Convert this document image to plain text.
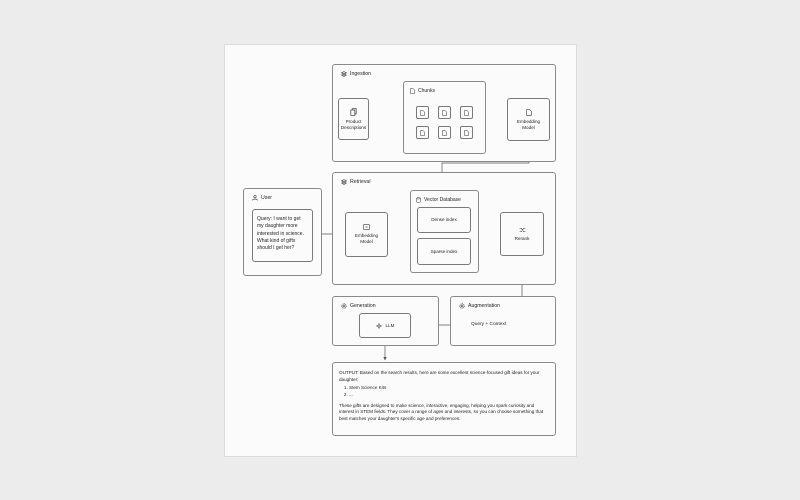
Ingestion
Product
Descriptions
Chunks
Embedding
Model
User
Query: I want to get
my daughter more
interested in science.
What kind of gifts
should I get her?
Retrieval
Embedding
Model
Vector Database
Dense index
Sparse index
Rerank
Generation
LLM
Augmentation
Query + Context

OUTPUT: Based on the search results, here are some excellent science-focused gift ideas for your daughter:

1. Stem Science Kits
2. ...

These gifts are designed to make science, interactive, engaging, helping you spark curiosity and interest in STEM fields. They cover a range of ages and interests, so you can choose something that best matches your daughter's specific age and preferences.
